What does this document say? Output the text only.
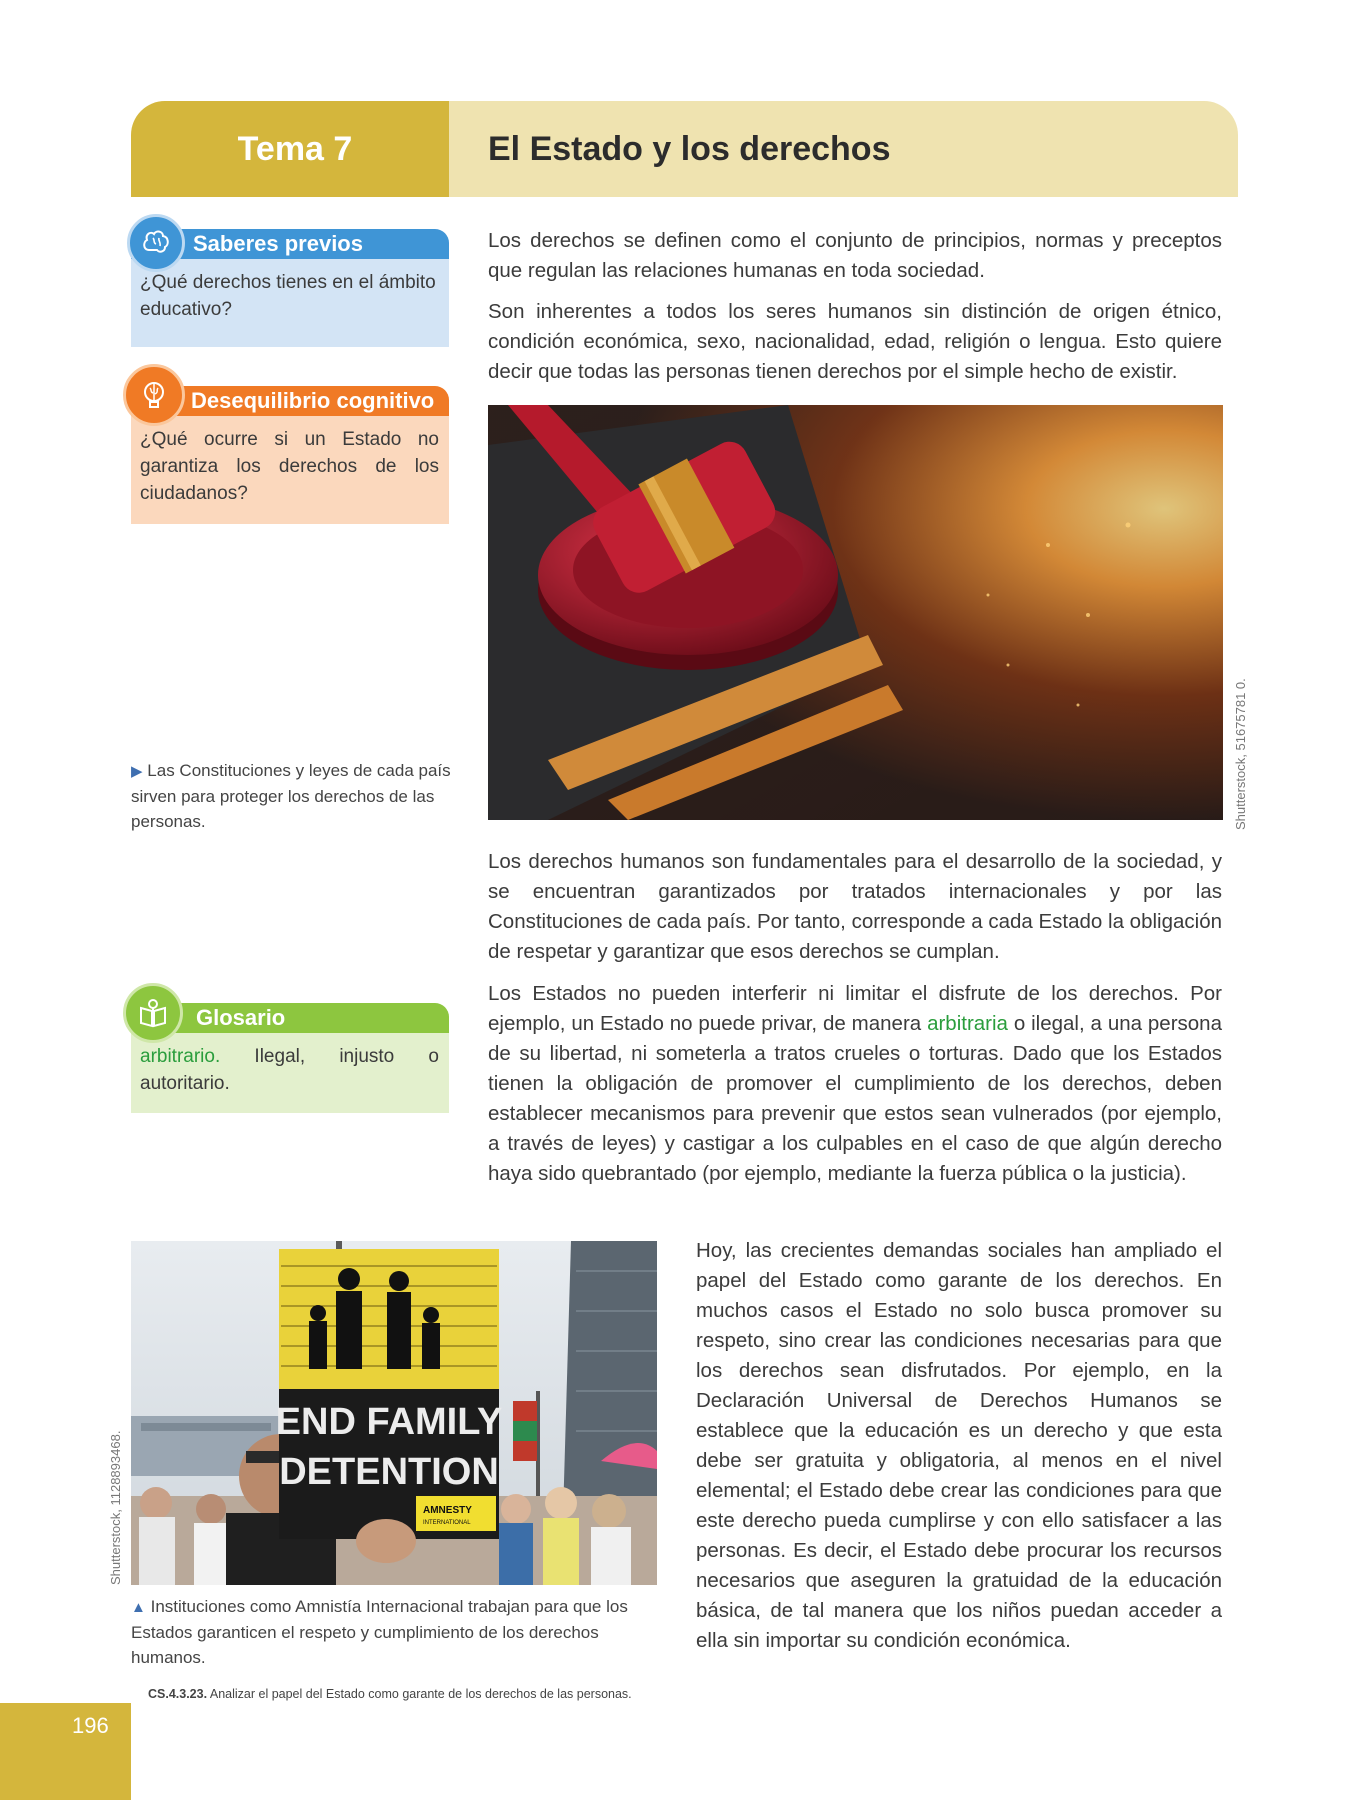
Tema 7	El Estado y los derechos
Saberes previos
¿Qué derechos tienes en el ámbito educativo?
Desequilibrio cognitivo
¿Qué ocurre si un Estado no garantiza los derechos de los ciudadanos?
Los derechos se definen como el conjunto de principios, normas y preceptos que regulan las relaciones humanas en toda sociedad.
Son inherentes a todos los seres humanos sin distinción de origen étnico, condición económica, sexo, nacionalidad, edad, religión o lengua. Esto quiere decir que todas las personas tienen derechos por el simple hecho de existir.
Shutterstock, 51675781 0.
▶ Las Constituciones y leyes de cada país sirven para proteger los derechos de las personas.
Los derechos humanos son fundamentales para el desarrollo de la sociedad, y se encuentran garantizados por tratados internacionales y por las Constituciones de cada país. Por tanto, corresponde a cada Estado la obligación de respetar y garantizar que esos derechos se cumplan.
Glosario
arbitrario. Ilegal, injusto o autoritario.
Los Estados no pueden interferir ni limitar el disfrute de los derechos. Por ejemplo, un Estado no puede privar, de manera arbitraria o ilegal, a una persona de su libertad, ni someterla a tratos crueles o torturas. Dado que los Estados tienen la obligación de promover el cumplimiento de los derechos, deben establecer mecanismos para prevenir que estos sean vulnerados (por ejemplo, a través de leyes) y castigar a los culpables en el caso de que algún derecho haya sido quebrantado (por ejemplo, mediante la fuerza pública o la justicia).
END FAMILY
DETENTION
AMNESTY
INTERNATIONAL
Shutterstock, 1128893468.
▲ Instituciones como Amnistía Internacional trabajan para que los Estados garanticen el respeto y cumplimiento de los derechos humanos.
Hoy, las crecientes demandas sociales han ampliado el papel del Estado como garante de los derechos. En muchos casos el Estado no solo busca promover su respeto, sino crear las condiciones necesarias para que los derechos sean disfrutados. Por ejemplo, en la Declaración Universal de Derechos Humanos se establece que la educación es un derecho y que esta debe ser gratuita y obligatoria, al menos en el nivel elemental; el Estado debe crear las condiciones para que este derecho pueda cumplirse y con ello satisfacer a las personas. Es decir, el Estado debe procurar los recursos necesarios que aseguren la gratuidad de la educación básica, de tal manera que los niños puedan acceder a ella sin importar su condición económica.
CS.4.3.23. Analizar el papel del Estado como garante de los derechos de las personas.
196
